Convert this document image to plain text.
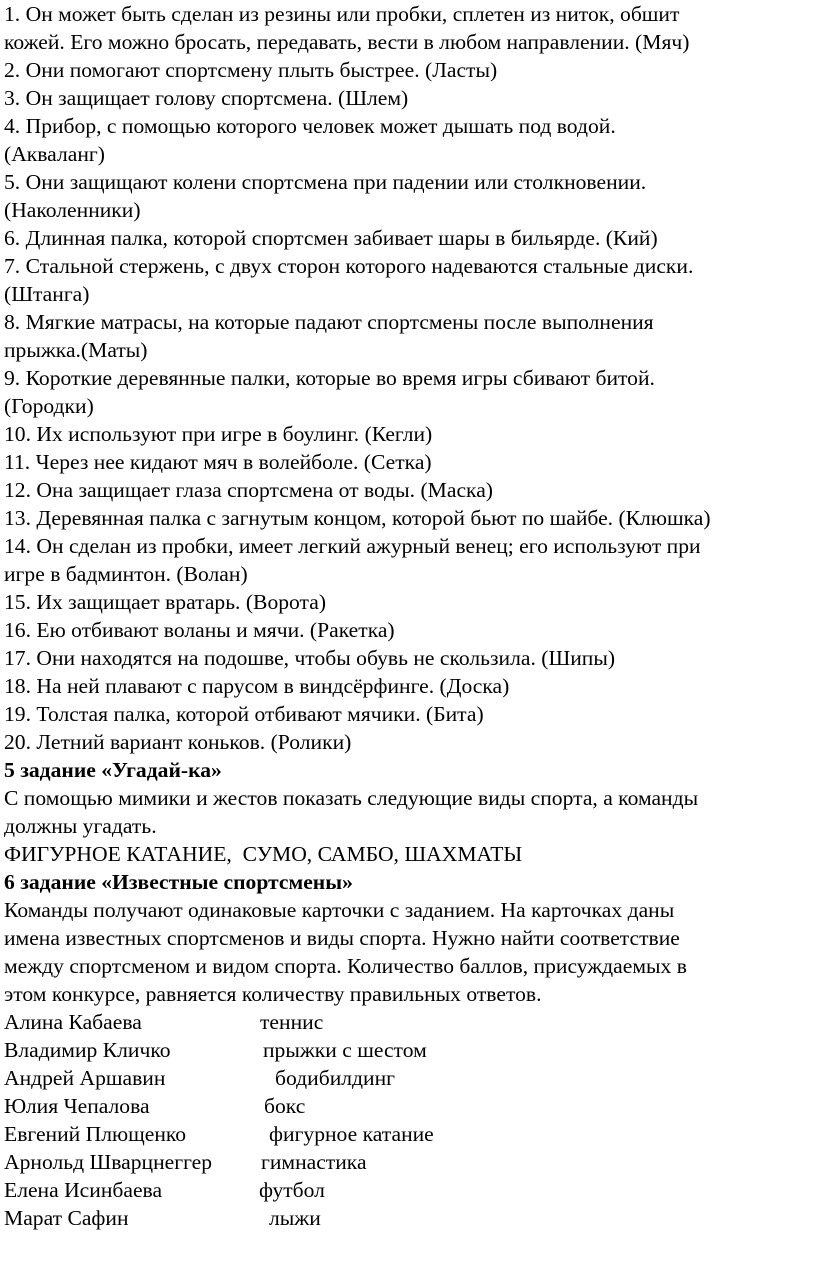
1. Он может быть сделан из резины или пробки, сплетен из ниток, обшит
кожей. Его можно бросать, передавать, вести в любом направлении. (Мяч)
2. Они помогают спортсмену плыть быстрее. (Ласты)
3. Он защищает голову спортсмена. (Шлем)
4. Прибор, с помощью которого человек может дышать под водой.
(Акваланг)
5. Они защищают колени спортсмена при падении или столкновении.
(Наколенники)
6. Длинная палка, которой спортсмен забивает шары в бильярде. (Кий)
7. Стальной стержень, с двух сторон которого надеваются стальные диски.
(Штанга)
8. Мягкие матрасы, на которые падают спортсмены после выполнения
прыжка.(Маты)
9. Короткие деревянные палки, которые во время игры сбивают битой.
(Городки)
10. Их используют при игре в боулинг. (Кегли)
11. Через нее кидают мяч в волейболе. (Сетка)
12. Она защищает глаза спортсмена от воды. (Маска)
13. Деревянная палка с загнутым концом, которой бьют по шайбе. (Клюшка)
14. Он сделан из пробки, имеет легкий ажурный венец; его используют при
игре в бадминтон. (Волан)
15. Их защищает вратарь. (Ворота)
16. Ею отбивают воланы и мячи. (Ракетка)
17. Они находятся на подошве, чтобы обувь не скользила. (Шипы)
18. На ней плавают с парусом в виндсёрфинге. (Доска)
19. Толстая палка, которой отбивают мячики. (Бита)
20. Летний вариант коньков. (Ролики)
5 задание «Угадай-ка»
С помощью мимики и жестов показать следующие виды спорта, а команды
должны угадать.
ФИГУРНОЕ КАТАНИЕ,  СУМО, САМБО, ШАХМАТЫ
6 задание «Известные спортсмены»
Команды получают одинаковые карточки с заданием. На карточках даны
имена известных спортсменов и виды спорта. Нужно найти соответствие
между спортсменом и видом спорта. Количество баллов, присуждаемых в
этом конкурсе, равняется количеству правильных ответов.
Алина Кабаева	теннис
Владимир Кличко	прыжки с шестом
Андрей Аршавин	бодибилдинг
Юлия Чепалова	бокс
Евгений Плющенко	фигурное катание
Арнольд Шварцнеггер гимнастика
Елена Исинбаева	футбол
Марат Сафин	лыжи
